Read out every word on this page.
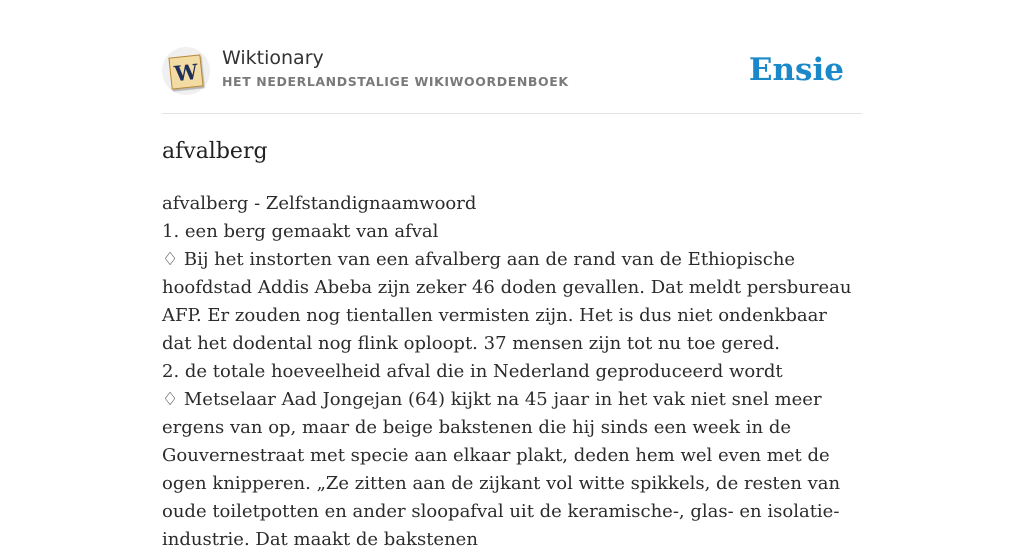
W
Wiktionary
HET NEDERLANDSTALIGE WIKIWOORDENBOEK	Ensie
afvalberg

afvalberg - Zelfstandignaamwoord

1. een berg gemaakt van afval

♢ Bij het instorten van een afvalberg aan de rand van de Ethiopische hoofdstad Addis Abeba zijn zeker 46 doden gevallen. Dat meldt persbureau AFP. Er zouden nog tientallen vermisten zijn. Het is dus niet ondenkbaar dat het dodental nog flink oploopt. 37 mensen zijn tot nu toe gered.

2. de totale hoeveelheid afval die in Nederland geproduceerd wordt

♢ Metselaar Aad Jongejan (64) kijkt na 45 jaar in het vak niet snel meer ergens van op, maar de beige bakstenen die hij sinds een week in de Gouvernestraat met specie aan elkaar plakt, deden hem wel even met de ogen knipperen. „Ze zitten aan de zijkant vol witte spikkels, de resten van oude toiletpotten en ander sloopafval uit de keramische-, glas- en isolatie-industrie. Dat maakt de bakstenen
